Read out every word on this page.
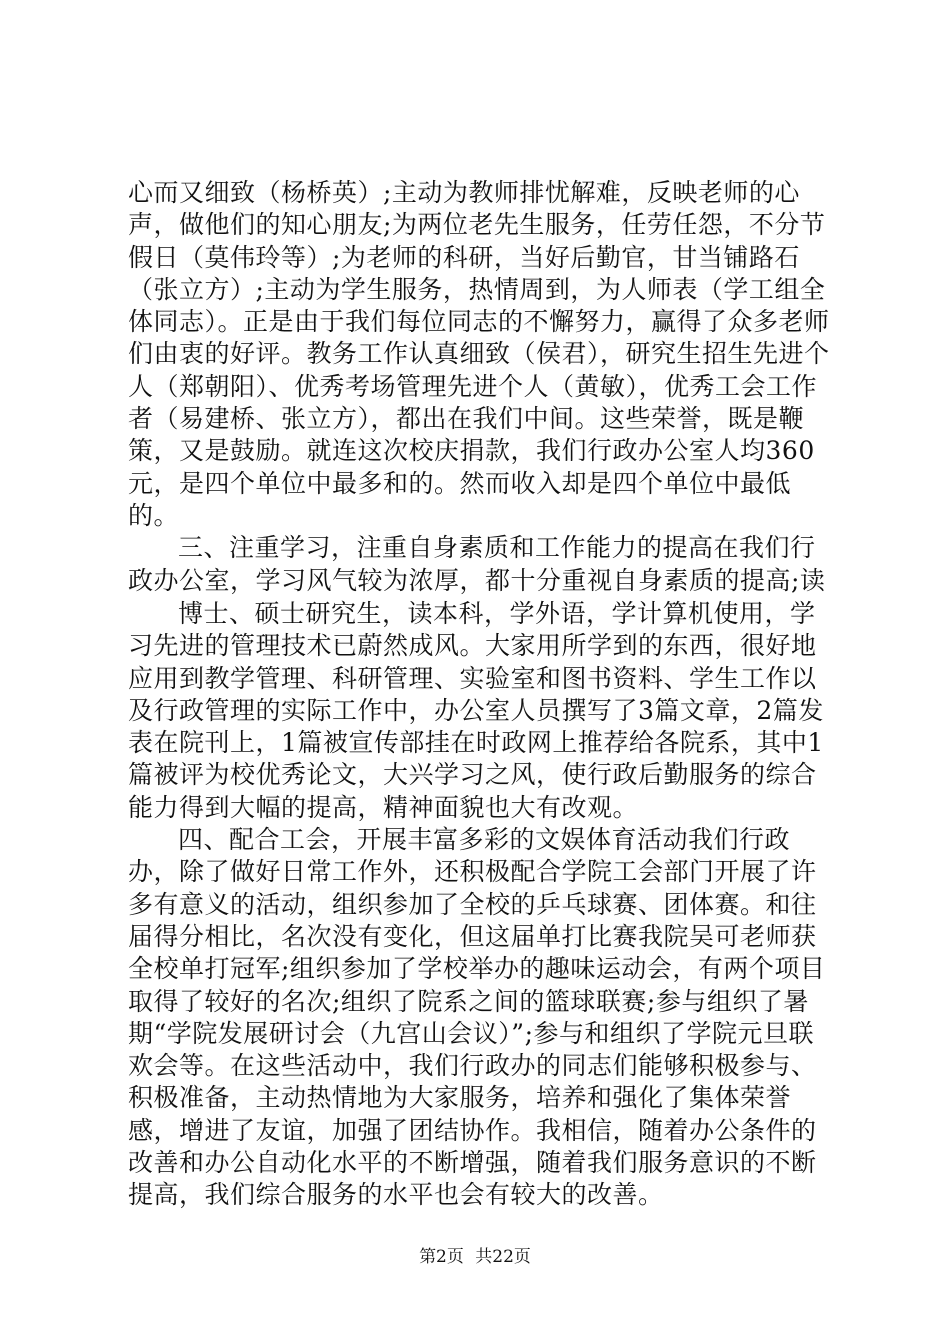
心而又细致（杨桥英）;主动为教师排忧解难，反映老师的心声，做他们的知心朋友;为两位老先生服务，任劳任怨，不分节假日（莫伟玲等）;为老师的科研，当好后勤官，甘当铺路石（张立方）;主动为学生服务，热情周到，为人师表（学工组全体同志）。正是由于我们每位同志的不懈努力，赢得了众多老师们由衷的好评。教务工作认真细致（侯君），研究生招生先进个人（郑朝阳）、优秀考场管理先进个人（黄敏），优秀工会工作者（易建桥、张立方），都出在我们中间。这些荣誉，既是鞭策，又是鼓励。就连这次校庆捐款，我们行政办公室人均360元，是四个单位中最多和的。然而收入却是四个单位中最低的。

三、注重学习，注重自身素质和工作能力的提高在我们行政办公室，学习风气较为浓厚，都十分重视自身素质的提高;读

博士、硕士研究生，读本科，学外语，学计算机使用，学习先进的管理技术已蔚然成风。大家用所学到的东西，很好地应用到教学管理、科研管理、实验室和图书资料、学生工作以及行政管理的实际工作中，办公室人员撰写了3篇文章，2篇发表在院刊上，1篇被宣传部挂在时政网上推荐给各院系，其中1篇被评为校优秀论文，大兴学习之风，使行政后勤服务的综合能力得到大幅的提高，精神面貌也大有改观。

四、配合工会，开展丰富多彩的文娱体育活动我们行政办，除了做好日常工作外，还积极配合学院工会部门开展了许多有意义的活动，组织参加了全校的乒乓球赛、团体赛。和往届得分相比，名次没有变化，但这届单打比赛我院吴可老师获全校单打冠军;组织参加了学校举办的趣味运动会，有两个项目取得了较好的名次;组织了院系之间的篮球联赛;参与组织了暑期“学院发展研讨会（九宫山会议）”;参与和组织了学院元旦联欢会等。在这些活动中，我们行政办的同志们能够积极参与、积极准备，主动热情地为大家服务，培养和强化了集体荣誉感，增进了友谊，加强了团结协作。我相信，随着办公条件的改善和办公自动化水平的不断增强，随着我们服务意识的不断提高，我们综合服务的水平也会有较大的改善。

第2页 共22页
